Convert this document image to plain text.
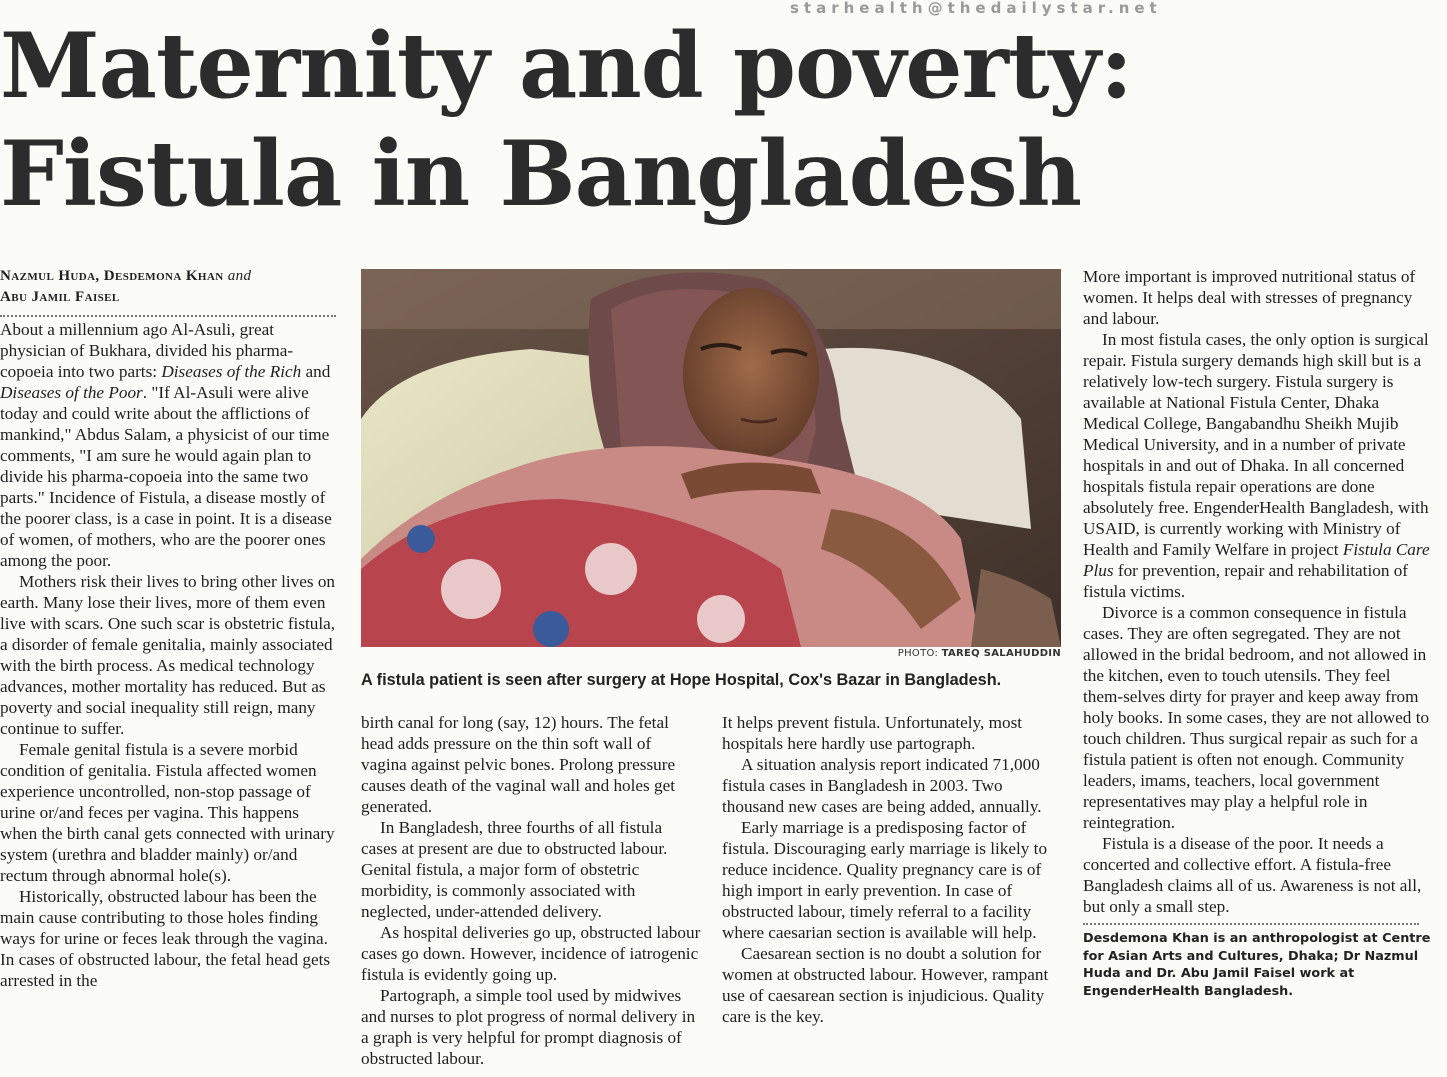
starhealth@thedailystar.net
Maternity and poverty:
Fistula in Bangladesh
Nazmul Huda, Desdemona Khan and
Abu Jamil Faisel

About a millennium ago Al-Asuli, great physician of Bukhara, divided his pharma-copoeia into two parts: Diseases of the Rich and Diseases of the Poor. "If Al-Asuli were alive today and could write about the afflictions of mankind," Abdus Salam, a physicist of our time comments, "I am sure he would again plan to divide his pharma-copoeia into the same two parts." Incidence of Fistula, a disease mostly of the poorer class, is a case in point. It is a disease of women, of mothers, who are the poorer ones among the poor.

Mothers risk their lives to bring other lives on earth. Many lose their lives, more of them even live with scars. One such scar is obstetric fistula, a disorder of female genitalia, mainly associated with the birth process. As medical technology advances, mother mortality has reduced. But as poverty and social inequality still reign, many continue to suffer.

Female genital fistula is a severe morbid condition of genitalia. Fistula affected women experience uncontrolled, non-stop passage of urine or/and feces per vagina. This happens when the birth canal gets connected with urinary system (urethra and bladder mainly) or/and rectum through abnormal hole(s).

Historically, obstructed labour has been the main cause contributing to those holes finding ways for urine or feces leak through the vagina. In cases of obstructed labour, the fetal head gets arrested in the

PHOTO: TAREQ SALAHUDDIN
A fistula patient is seen after surgery at Hope Hospital, Cox's Bazar in Bangladesh.

birth canal for long (say, 12) hours. The fetal head adds pressure on the thin soft wall of vagina against pelvic bones. Prolong pressure causes death of the vaginal wall and holes get generated.

In Bangladesh, three fourths of all fistula cases at present are due to obstructed labour. Genital fistula, a major form of obstetric morbidity, is commonly associated with neglected, under-attended delivery.

As hospital deliveries go up, obstructed labour cases go down. However, incidence of iatrogenic fistula is evidently going up.

Partograph, a simple tool used by midwives and nurses to plot progress of normal delivery in a graph is very helpful for prompt diagnosis of obstructed labour.

It helps prevent fistula. Unfortunately, most hospitals here hardly use partograph.

A situation analysis report indicated 71,000 fistula cases in Bangladesh in 2003. Two thousand new cases are being added, annually.

Early marriage is a predisposing factor of fistula. Discouraging early marriage is likely to reduce incidence. Quality pregnancy care is of high import in early prevention. In case of obstructed labour, timely referral to a facility where caesarian section is available will help.

Caesarean section is no doubt a solution for women at obstructed labour. However, rampant use of caesarean section is injudicious. Quality care is the key.

More important is improved nutritional status of women. It helps deal with stresses of pregnancy and labour.

In most fistula cases, the only option is surgical repair. Fistula surgery demands high skill but is a relatively low-tech surgery. Fistula surgery is available at National Fistula Center, Dhaka Medical College, Bangabandhu Sheikh Mujib Medical University, and in a number of private hospitals in and out of Dhaka. In all concerned hospitals fistula repair operations are done absolutely free. EngenderHealth Bangladesh, with USAID, is currently working with Ministry of Health and Family Welfare in project Fistula Care Plus for prevention, repair and rehabilitation of fistula victims.

Divorce is a common consequence in fistula cases. They are often segregated. They are not allowed in the bridal bedroom, and not allowed in the kitchen, even to touch utensils. They feel them-selves dirty for prayer and keep away from holy books. In some cases, they are not allowed to touch children. Thus surgical repair as such for a fistula patient is often not enough. Community leaders, imams, teachers, local government representatives may play a helpful role in reintegration.

Fistula is a disease of the poor. It needs a concerted and collective effort. A fistula-free Bangladesh claims all of us. Awareness is not all, but only a small step.

Desdemona Khan is an anthropologist at Centre for Asian Arts and Cultures, Dhaka; Dr Nazmul Huda and Dr. Abu Jamil Faisel work at EngenderHealth Bangladesh.
